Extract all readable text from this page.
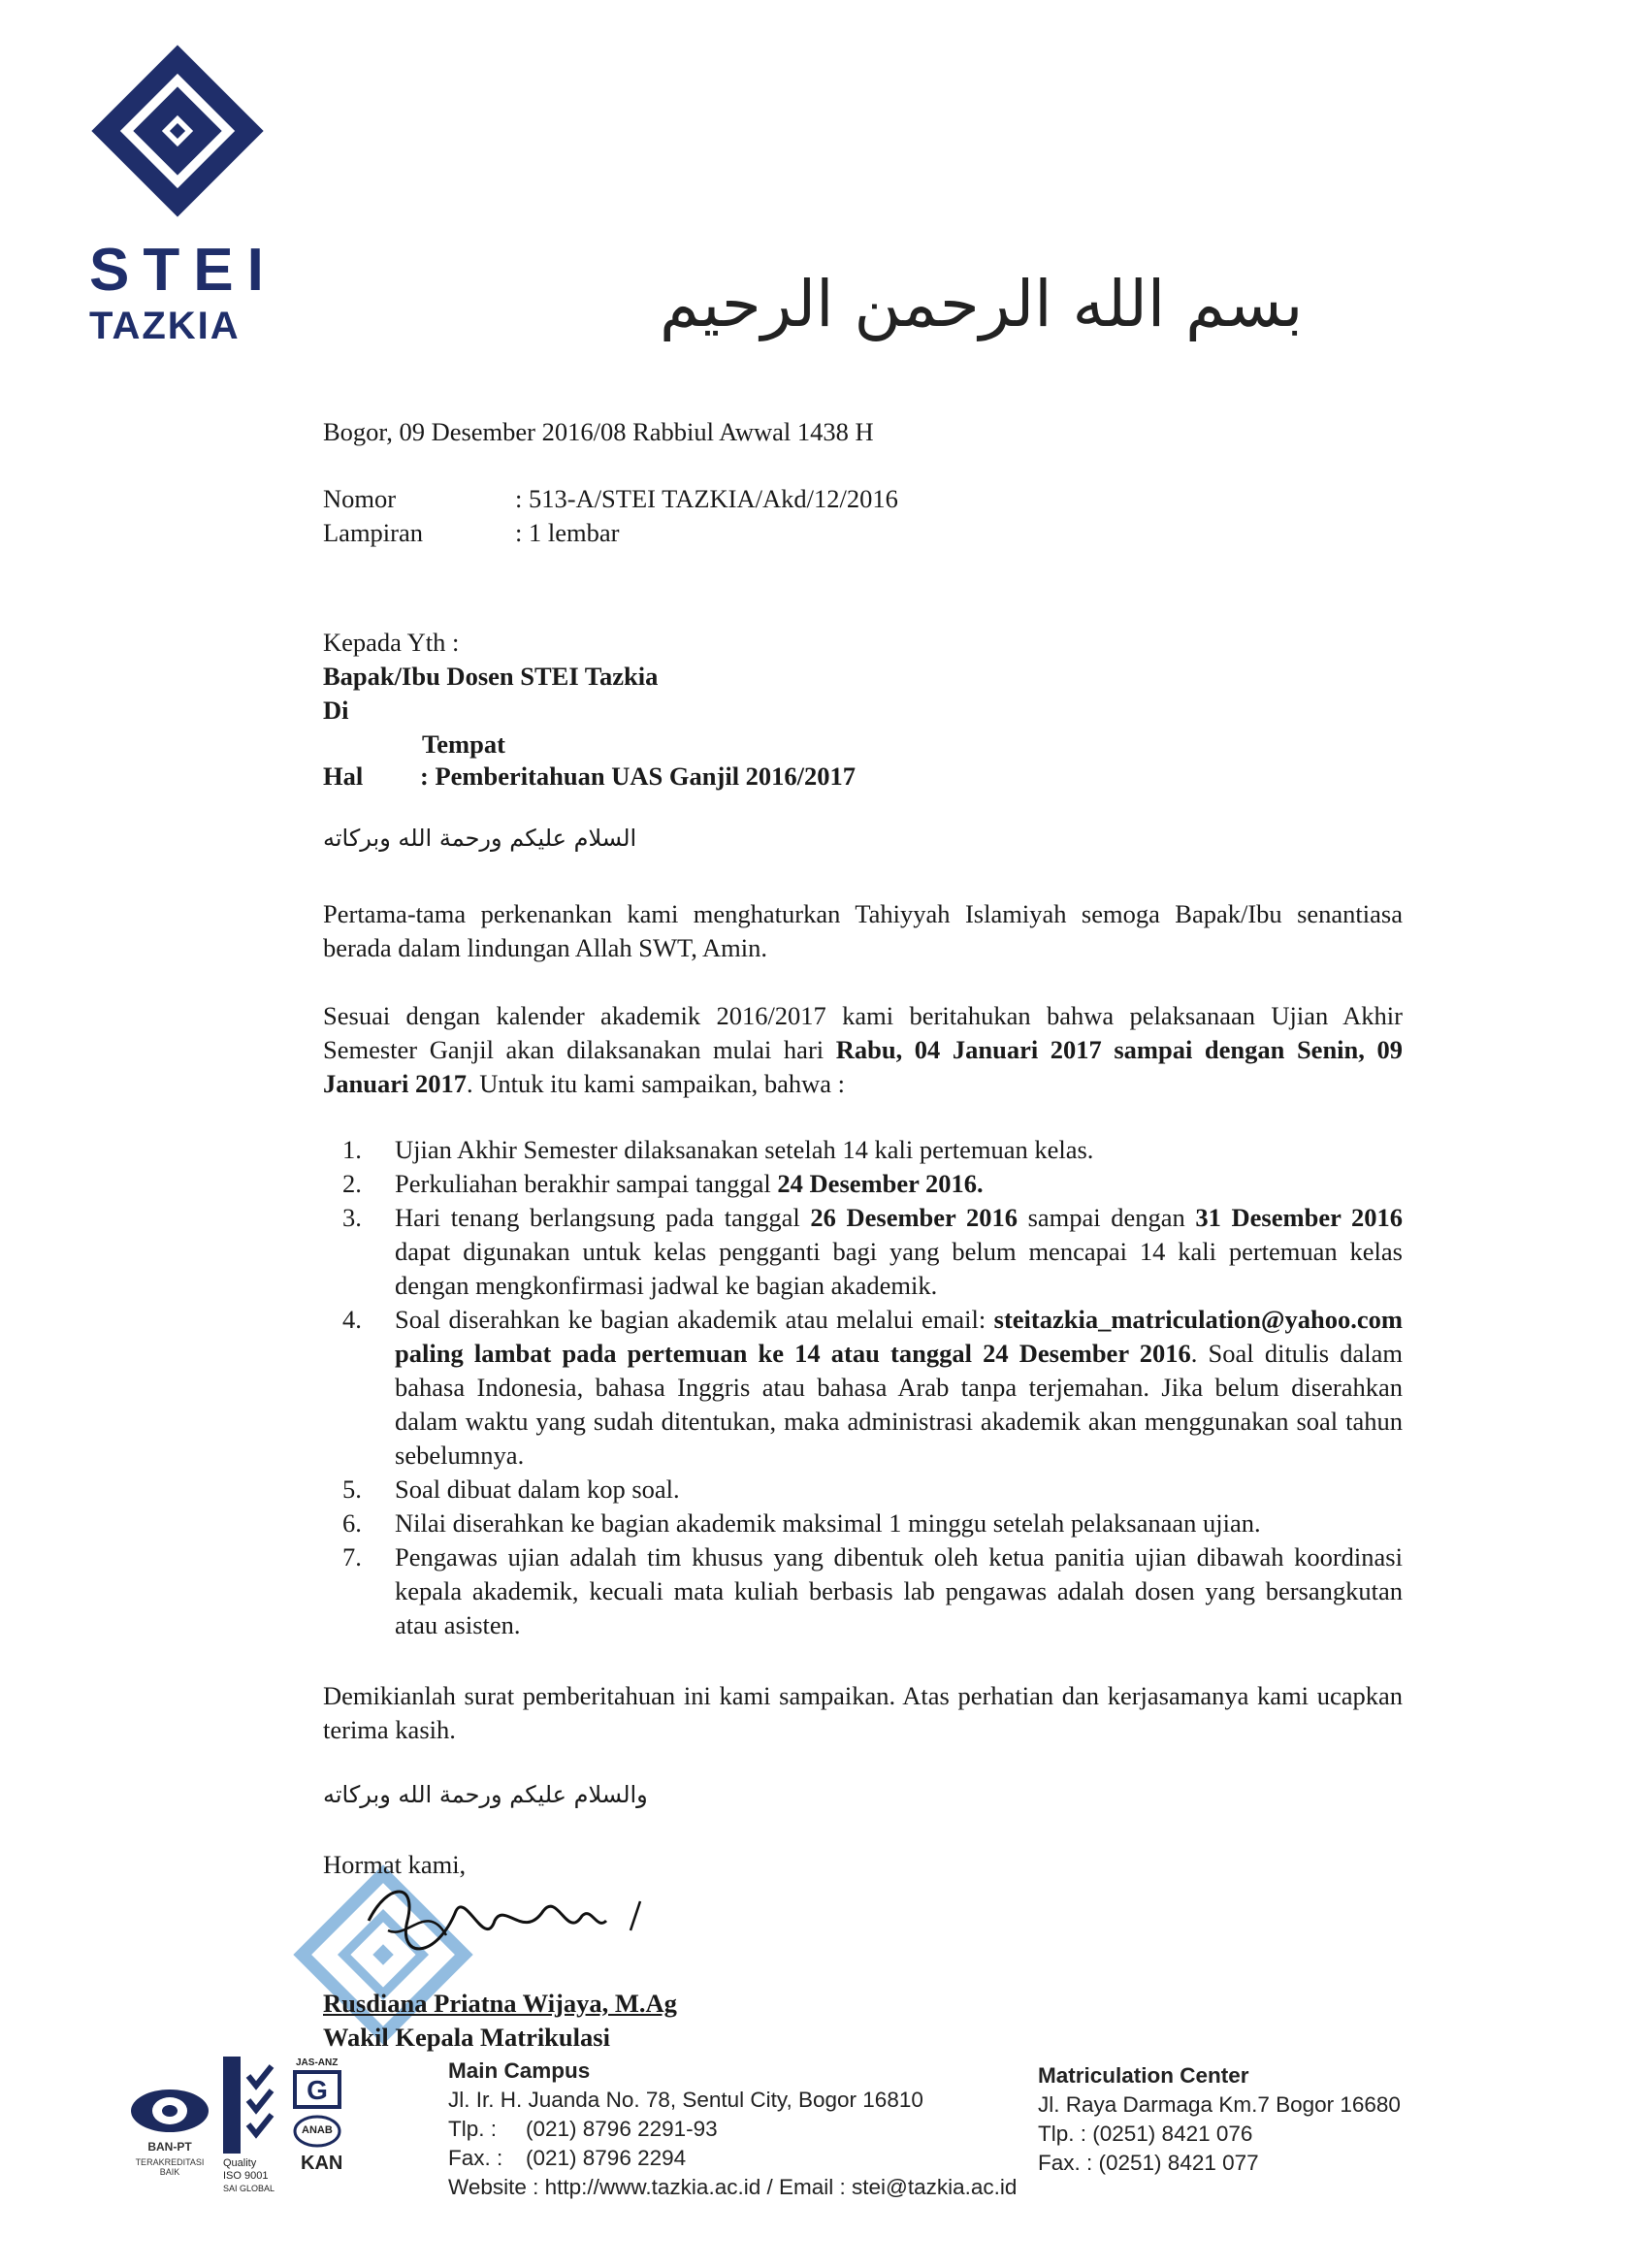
STEI
TAZKIA	بسم الله الرحمن الرحيم
Bogor, 09 Desember 2016/08 Rabbiul Awwal 1438 H
Nomor	: 513-A/STEI TAZKIA/Akd/12/2016
Lampiran	: 1 lembar
Kepada Yth :
Bapak/Ibu Dosen STEI Tazkia
Di
Tempat
Hal	: Pemberitahuan UAS Ganjil 2016/2017
السلام عليكم ورحمة الله وبركاته
Pertama-tama perkenankan kami menghaturkan Tahiyyah Islamiyah semoga Bapak/Ibu senantiasa berada dalam lindungan Allah SWT, Amin.
Sesuai dengan kalender akademik 2016/2017 kami beritahukan bahwa pelaksanaan Ujian Akhir Semester Ganjil akan dilaksanakan mulai hari Rabu, 04 Januari 2017 sampai dengan Senin, 09 Januari 2017. Untuk itu kami sampaikan, bahwa :
1.	Ujian Akhir Semester dilaksanakan setelah 14 kali pertemuan kelas.
2.	Perkuliahan berakhir sampai tanggal 24 Desember 2016.
3.	Hari tenang berlangsung pada tanggal 26 Desember 2016 sampai dengan 31 Desember 2016 dapat digunakan untuk kelas pengganti bagi yang belum mencapai 14 kali pertemuan kelas dengan mengkonfirmasi jadwal ke bagian akademik.
4.	Soal diserahkan ke bagian akademik atau melalui email: steitazkia_matriculation@yahoo.com paling lambat pada pertemuan ke 14 atau tanggal 24 Desember 2016. Soal ditulis dalam bahasa Indonesia, bahasa Inggris atau bahasa Arab tanpa terjemahan. Jika belum diserahkan dalam waktu yang sudah ditentukan, maka administrasi akademik akan menggunakan soal tahun sebelumnya.
5.	Soal dibuat dalam kop soal.
6.	Nilai diserahkan ke bagian akademik maksimal 1 minggu setelah pelaksanaan ujian.
7.	Pengawas ujian adalah tim khusus yang dibentuk oleh ketua panitia ujian dibawah koordinasi kepala akademik, kecuali mata kuliah berbasis lab pengawas adalah dosen yang bersangkutan atau asisten.
Demikianlah surat pemberitahuan ini kami sampaikan. Atas perhatian dan kerjasamanya kami ucapkan terima kasih.
والسلام عليكم ورحمة الله وبركاته
Hormat kami,
Rusdiana Priatna Wijaya, M.Ag
Wakil Kepala Matrikulasi
BAN-PT
TERAKREDITASI BAIK
Quality
ISO 9001
SAI GLOBAL
JAS-ANZ
G
ANAB
KAN
Main Campus
Jl. Ir. H. Juanda No. 78, Sentul City, Bogor 16810
Tlp. :	(021) 8796 2291-93
Fax. :	(021) 8796 2294
Matriculation Center
Jl. Raya Darmaga Km.7 Bogor 16680
Tlp. : (0251) 8421 076
Fax. : (0251) 8421 077
Website : http://www.tazkia.ac.id / Email : stei@tazkia.ac.id
